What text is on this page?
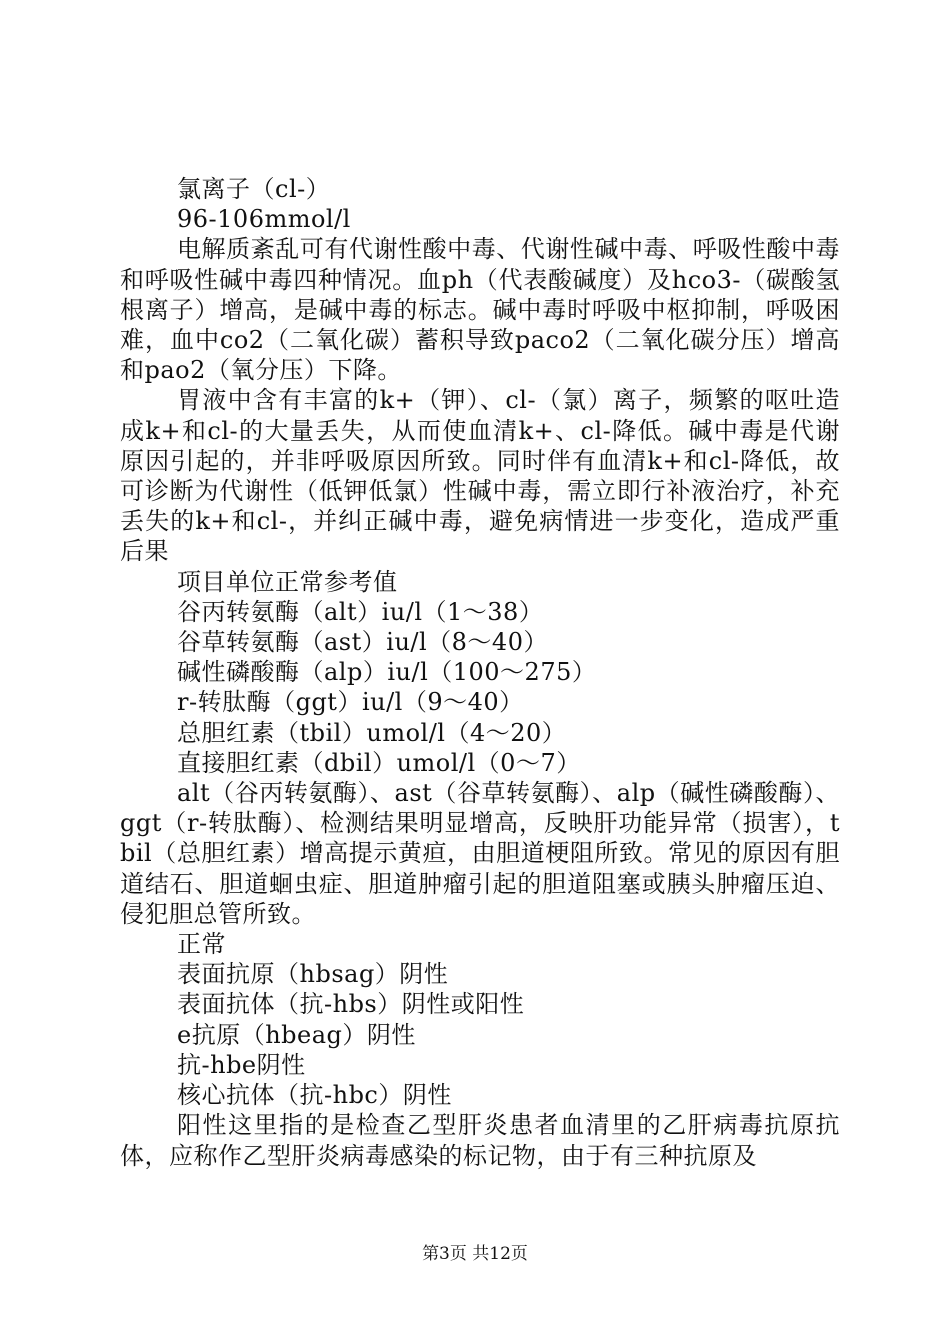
氯离子（cl-）

96-106mmol/l

电解质紊乱可有代谢性酸中毒、代谢性碱中毒、呼吸性酸中毒和呼吸性碱中毒四种情况。血ph（代表酸碱度）及hco3-（碳酸氢根离子）增高，是碱中毒的标志。碱中毒时呼吸中枢抑制，呼吸困难，血中co2（二氧化碳）蓄积导致paco2（二氧化碳分压）增高和pao2（氧分压）下降。

胃液中含有丰富的k+（钾）、cl-（氯）离子，频繁的呕吐造成k+和cl-的大量丢失，从而使血清k+、cl-降低。碱中毒是代谢原因引起的，并非呼吸原因所致。同时伴有血清k+和cl-降低，故可诊断为代谢性（低钾低氯）性碱中毒，需立即行补液治疗，补充丢失的k+和cl-，并纠正碱中毒，避免病情进一步变化，造成严重后果

项目单位正常参考值

谷丙转氨酶（alt）iu/l（1～38）

谷草转氨酶（ast）iu/l（8～40）

碱性磷酸酶（alp）iu/l（100～275）

r-转肽酶（ggt）iu/l（9～40）

总胆红素（tbil）umol/l（4～20）

直接胆红素（dbil）umol/l（0～7）

alt（谷丙转氨酶）、ast（谷草转氨酶）、alp（碱性磷酸酶）、ggt（r-转肽酶）、检测结果明显增高，反映肝功能异常（损害），tbil（总胆红素）增高提示黄疸，由胆道梗阻所致。常见的原因有胆道结石、胆道蛔虫症、胆道肿瘤引起的胆道阻塞或胰头肿瘤压迫、侵犯胆总管所致。

正常

表面抗原（hbsag）阴性

表面抗体（抗-hbs）阴性或阳性

e抗原（hbeag）阴性

抗-hbe阴性

核心抗体（抗-hbc）阴性

阳性这里指的是检查乙型肝炎患者血清里的乙肝病毒抗原抗体，应称作乙型肝炎病毒感染的标记物，由于有三种抗原及

第3页 共12页
